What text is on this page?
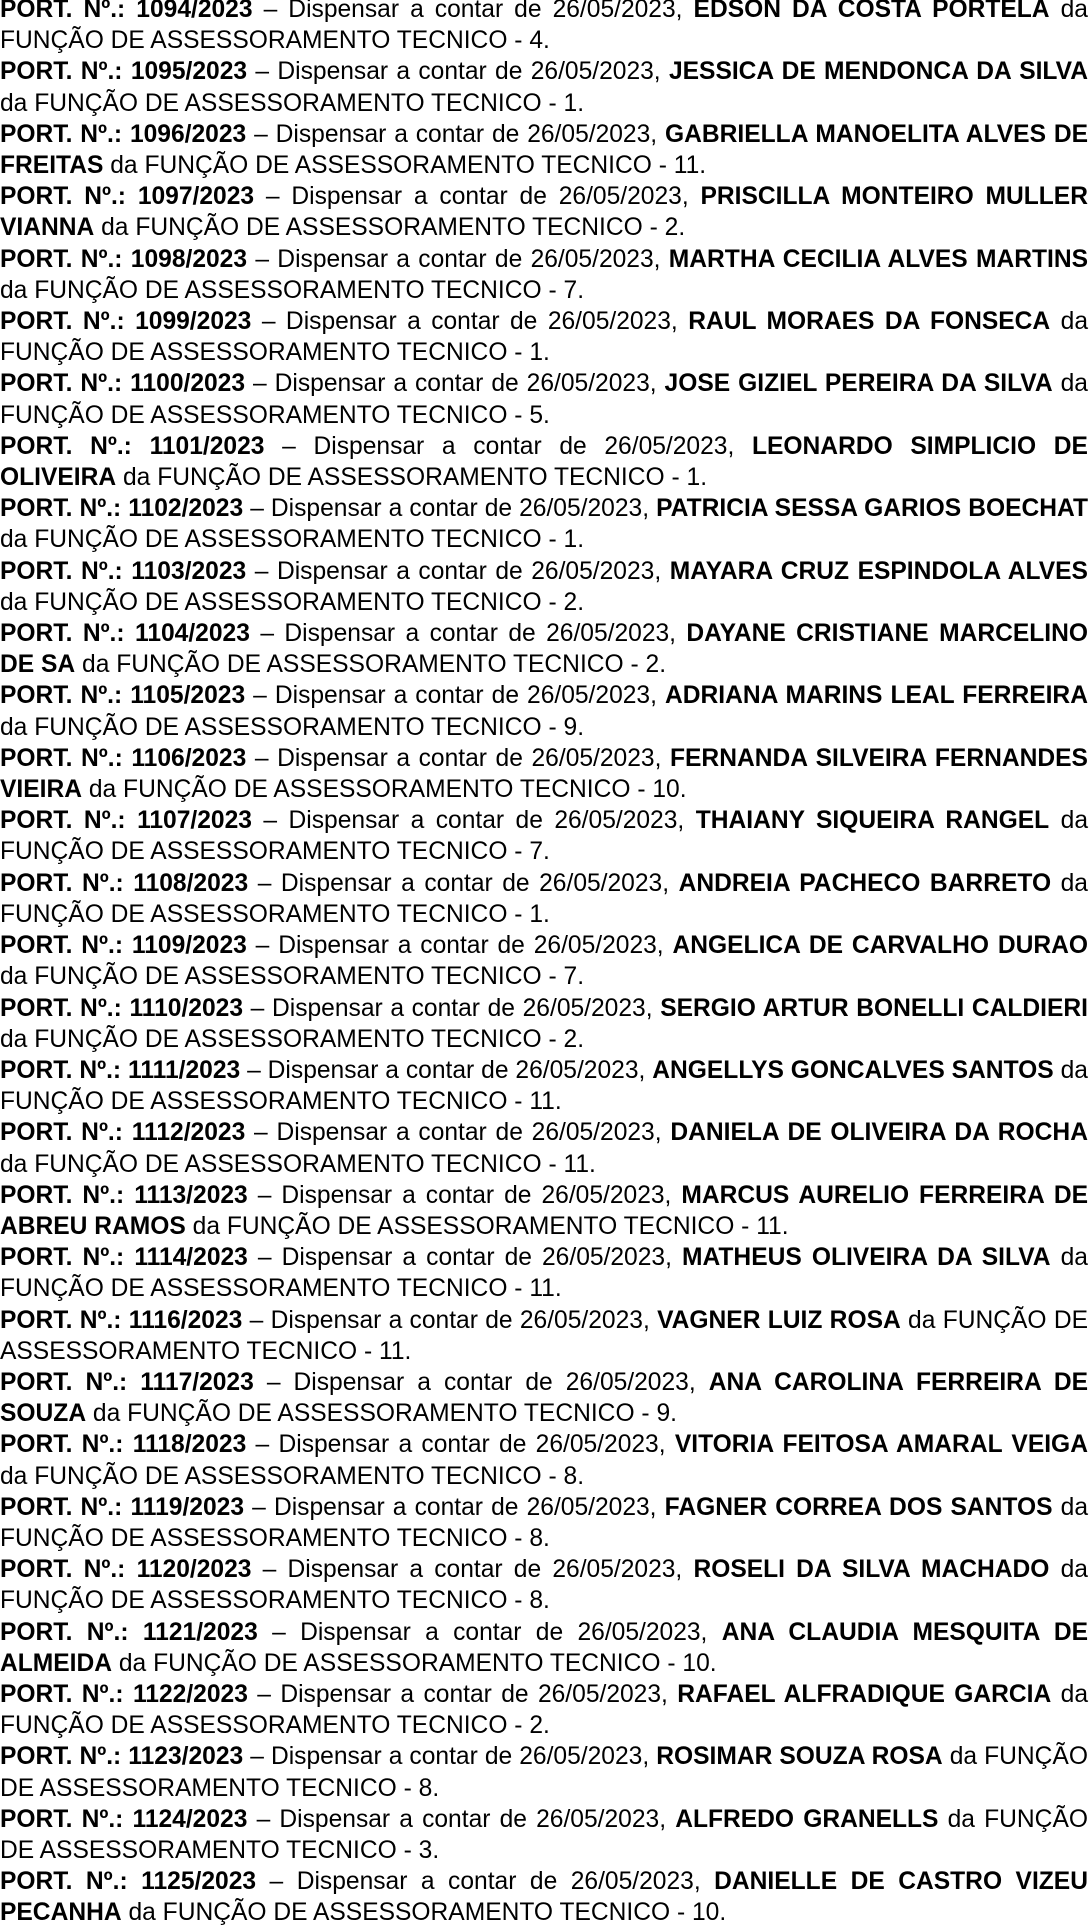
PORT. Nº.: 1094/2023 – Dispensar a contar de 26/05/2023, EDSON DA COSTA PORTELA da FUNÇÃO DE ASSESSORAMENTO TECNICO - 4.

PORT. Nº.: 1095/2023 – Dispensar a contar de 26/05/2023, JESSICA DE MENDONCA DA SILVA da FUNÇÃO DE ASSESSORAMENTO TECNICO - 1.

PORT. Nº.: 1096/2023 – Dispensar a contar de 26/05/2023, GABRIELLA MANOELITA ALVES DE FREITAS da FUNÇÃO DE ASSESSORAMENTO TECNICO - 11.

PORT. Nº.: 1097/2023 – Dispensar a contar de 26/05/2023, PRISCILLA MONTEIRO MULLER VIANNA da FUNÇÃO DE ASSESSORAMENTO TECNICO - 2.

PORT. Nº.: 1098/2023 – Dispensar a contar de 26/05/2023, MARTHA CECILIA ALVES MARTINS da FUNÇÃO DE ASSESSORAMENTO TECNICO - 7.

PORT. Nº.: 1099/2023 – Dispensar a contar de 26/05/2023, RAUL MORAES DA FONSECA da FUNÇÃO DE ASSESSORAMENTO TECNICO - 1.

PORT. Nº.: 1100/2023 – Dispensar a contar de 26/05/2023, JOSE GIZIEL PEREIRA DA SILVA da FUNÇÃO DE ASSESSORAMENTO TECNICO - 5.

PORT. Nº.: 1101/2023 – Dispensar a contar de 26/05/2023, LEONARDO SIMPLICIO DE OLIVEIRA da FUNÇÃO DE ASSESSORAMENTO TECNICO - 1.

PORT. Nº.: 1102/2023 – Dispensar a contar de 26/05/2023, PATRICIA SESSA GARIOS BOECHAT da FUNÇÃO DE ASSESSORAMENTO TECNICO - 1.

PORT. Nº.: 1103/2023 – Dispensar a contar de 26/05/2023, MAYARA CRUZ ESPINDOLA ALVES da FUNÇÃO DE ASSESSORAMENTO TECNICO - 2.

PORT. Nº.: 1104/2023 – Dispensar a contar de 26/05/2023, DAYANE CRISTIANE MARCELINO DE SA da FUNÇÃO DE ASSESSORAMENTO TECNICO - 2.

PORT. Nº.: 1105/2023 – Dispensar a contar de 26/05/2023, ADRIANA MARINS LEAL FERREIRA da FUNÇÃO DE ASSESSORAMENTO TECNICO - 9.

PORT. Nº.: 1106/2023 – Dispensar a contar de 26/05/2023, FERNANDA SILVEIRA FERNANDES VIEIRA da FUNÇÃO DE ASSESSORAMENTO TECNICO - 10.

PORT. Nº.: 1107/2023 – Dispensar a contar de 26/05/2023, THAIANY SIQUEIRA RANGEL da FUNÇÃO DE ASSESSORAMENTO TECNICO - 7.

PORT. Nº.: 1108/2023 – Dispensar a contar de 26/05/2023, ANDREIA PACHECO BARRETO da FUNÇÃO DE ASSESSORAMENTO TECNICO - 1.

PORT. Nº.: 1109/2023 – Dispensar a contar de 26/05/2023, ANGELICA DE CARVALHO DURAO da FUNÇÃO DE ASSESSORAMENTO TECNICO - 7.

PORT. Nº.: 1110/2023 – Dispensar a contar de 26/05/2023, SERGIO ARTUR BONELLI CALDIERI da FUNÇÃO DE ASSESSORAMENTO TECNICO - 2.

PORT. Nº.: 1111/2023 – Dispensar a contar de 26/05/2023, ANGELLYS GONCALVES SANTOS da FUNÇÃO DE ASSESSORAMENTO TECNICO - 11.

PORT. Nº.: 1112/2023 – Dispensar a contar de 26/05/2023, DANIELA DE OLIVEIRA DA ROCHA da FUNÇÃO DE ASSESSORAMENTO TECNICO - 11.

PORT. Nº.: 1113/2023 – Dispensar a contar de 26/05/2023, MARCUS AURELIO FERREIRA DE ABREU RAMOS da FUNÇÃO DE ASSESSORAMENTO TECNICO - 11.

PORT. Nº.: 1114/2023 – Dispensar a contar de 26/05/2023, MATHEUS OLIVEIRA DA SILVA da FUNÇÃO DE ASSESSORAMENTO TECNICO - 11.

PORT. Nº.: 1116/2023 – Dispensar a contar de 26/05/2023, VAGNER LUIZ ROSA da FUNÇÃO DE ASSESSORAMENTO TECNICO - 11.

PORT. Nº.: 1117/2023 – Dispensar a contar de 26/05/2023, ANA CAROLINA FERREIRA DE SOUZA da FUNÇÃO DE ASSESSORAMENTO TECNICO - 9.

PORT. Nº.: 1118/2023 – Dispensar a contar de 26/05/2023, VITORIA FEITOSA AMARAL VEIGA da FUNÇÃO DE ASSESSORAMENTO TECNICO - 8.

PORT. Nº.: 1119/2023 – Dispensar a contar de 26/05/2023, FAGNER CORREA DOS SANTOS da FUNÇÃO DE ASSESSORAMENTO TECNICO - 8.

PORT. Nº.: 1120/2023 – Dispensar a contar de 26/05/2023, ROSELI DA SILVA MACHADO da FUNÇÃO DE ASSESSORAMENTO TECNICO - 8.

PORT. Nº.: 1121/2023 – Dispensar a contar de 26/05/2023, ANA CLAUDIA MESQUITA DE ALMEIDA da FUNÇÃO DE ASSESSORAMENTO TECNICO - 10.

PORT. Nº.: 1122/2023 – Dispensar a contar de 26/05/2023, RAFAEL ALFRADIQUE GARCIA da FUNÇÃO DE ASSESSORAMENTO TECNICO - 2.

PORT. Nº.: 1123/2023 – Dispensar a contar de 26/05/2023, ROSIMAR SOUZA ROSA da FUNÇÃO DE ASSESSORAMENTO TECNICO - 8.

PORT. Nº.: 1124/2023 – Dispensar a contar de 26/05/2023, ALFREDO GRANELLS da FUNÇÃO DE ASSESSORAMENTO TECNICO - 3.

PORT. Nº.: 1125/2023 – Dispensar a contar de 26/05/2023, DANIELLE DE CASTRO VIZEU PECANHA da FUNÇÃO DE ASSESSORAMENTO TECNICO - 10.
